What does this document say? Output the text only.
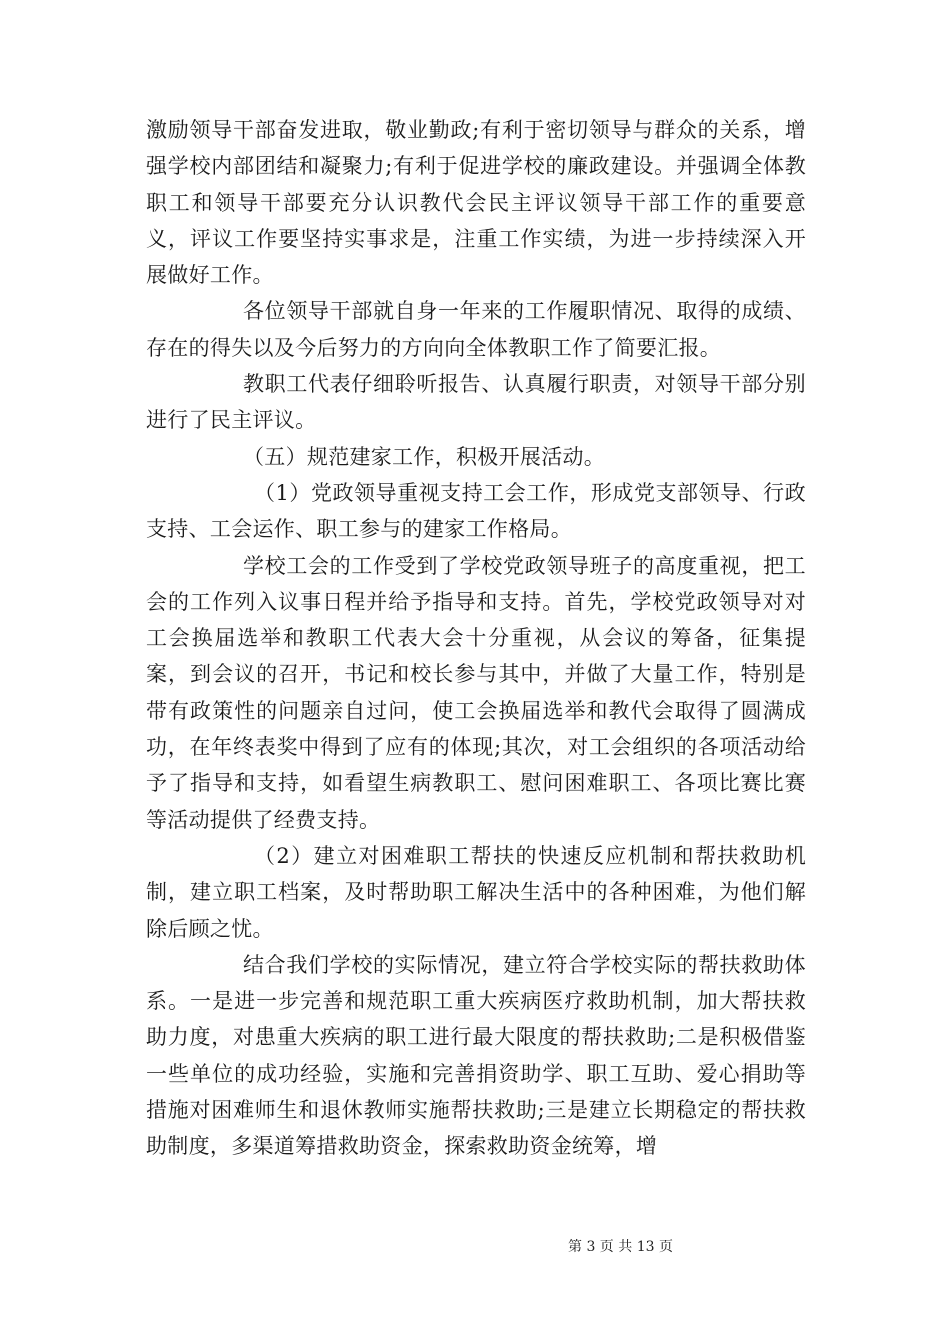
激励领导干部奋发进取，敬业勤政;有利于密切领导与群众的关系，增强学校内部团结和凝聚力;有利于促进学校的廉政建设。并强调全体教职工和领导干部要充分认识教代会民主评议领导干部工作的重要意义，评议工作要坚持实事求是，注重工作实绩，为进一步持续深入开展做好工作。

各位领导干部就自身一年来的工作履职情况、取得的成绩、存在的得失以及今后努力的方向向全体教职工作了简要汇报。

教职工代表仔细聆听报告、认真履行职责，对领导干部分别进行了民主评议。

（五）规范建家工作，积极开展活动。

（1）党政领导重视支持工会工作，形成党支部领导、行政支持、工会运作、职工参与的建家工作格局。

学校工会的工作受到了学校党政领导班子的高度重视，把工会的工作列入议事日程并给予指导和支持。首先，学校党政领导对对工会换届选举和教职工代表大会十分重视，从会议的筹备，征集提案，到会议的召开，书记和校长参与其中，并做了大量工作，特别是带有政策性的问题亲自过问，使工会换届选举和教代会取得了圆满成功，在年终表奖中得到了应有的体现;其次，对工会组织的各项活动给予了指导和支持，如看望生病教职工、慰问困难职工、各项比赛比赛等活动提供了经费支持。

（2）建立对困难职工帮扶的快速反应机制和帮扶救助机制，建立职工档案，及时帮助职工解决生活中的各种困难，为他们解除后顾之忧。

结合我们学校的实际情况，建立符合学校实际的帮扶救助体系。一是进一步完善和规范职工重大疾病医疗救助机制，加大帮扶救助力度，对患重大疾病的职工进行最大限度的帮扶救助;二是积极借鉴一些单位的成功经验，实施和完善捐资助学、职工互助、爱心捐助等措施对困难师生和退休教师实施帮扶救助;三是建立长期稳定的帮扶救助制度，多渠道筹措救助资金，探索救助资金统筹，增

第 3 页 共 13 页
